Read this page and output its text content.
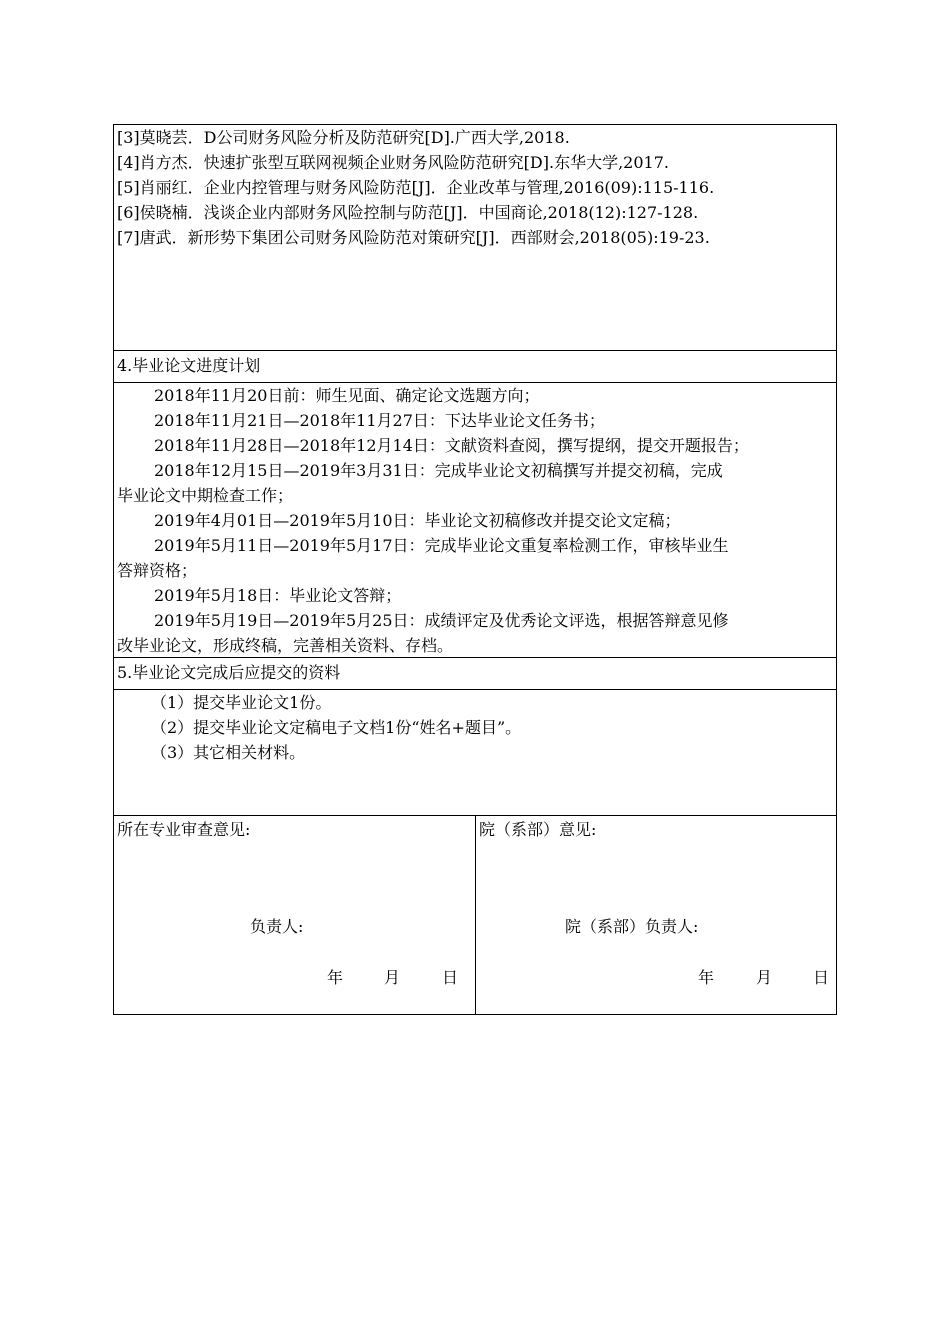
[3]莫晓芸．D公司财务风险分析及防范研究[D].广西大学,2018.
[4]肖方杰．快速扩张型互联网视频企业财务风险防范研究[D].东华大学,2017.
[5]肖丽红．企业内控管理与财务风险防范[J]．企业改革与管理,2016(09):115-116.
[6]侯晓楠．浅谈企业内部财务风险控制与防范[J]．中国商论,2018(12):127-128.
[7]唐武．新形势下集团公司财务风险防范对策研究[J]．西部财会,2018(05):19-23.
4.毕业论文进度计划
2018年11月20日前：师生见面、确定论文选题方向；
2018年11月21日—2018年11月27日：下达毕业论文任务书；
2018年11月28日—2018年12月14日：文献资料查阅，撰写提纲，提交开题报告；
2018年12月15日—2019年3月31日：完成毕业论文初稿撰写并提交初稿，完成
毕业论文中期检查工作；
2019年4月01日—2019年5月10日：毕业论文初稿修改并提交论文定稿；
2019年5月11日—2019年5月17日：完成毕业论文重复率检测工作，审核毕业生
答辩资格；
2019年5月18日：毕业论文答辩；
2019年5月19日—2019年5月25日：成绩评定及优秀论文评选，根据答辩意见修
改毕业论文，形成终稿，完善相关资料、存档。
5.毕业论文完成后应提交的资料
（1）提交毕业论文1份。
（2）提交毕业论文定稿电子文档1份“姓名+题目”。
（3）其它相关材料。
所在专业审查意见:
负责人:
年	月	日
院（系部）意见:
院（系部）负责人:
年	月	日
